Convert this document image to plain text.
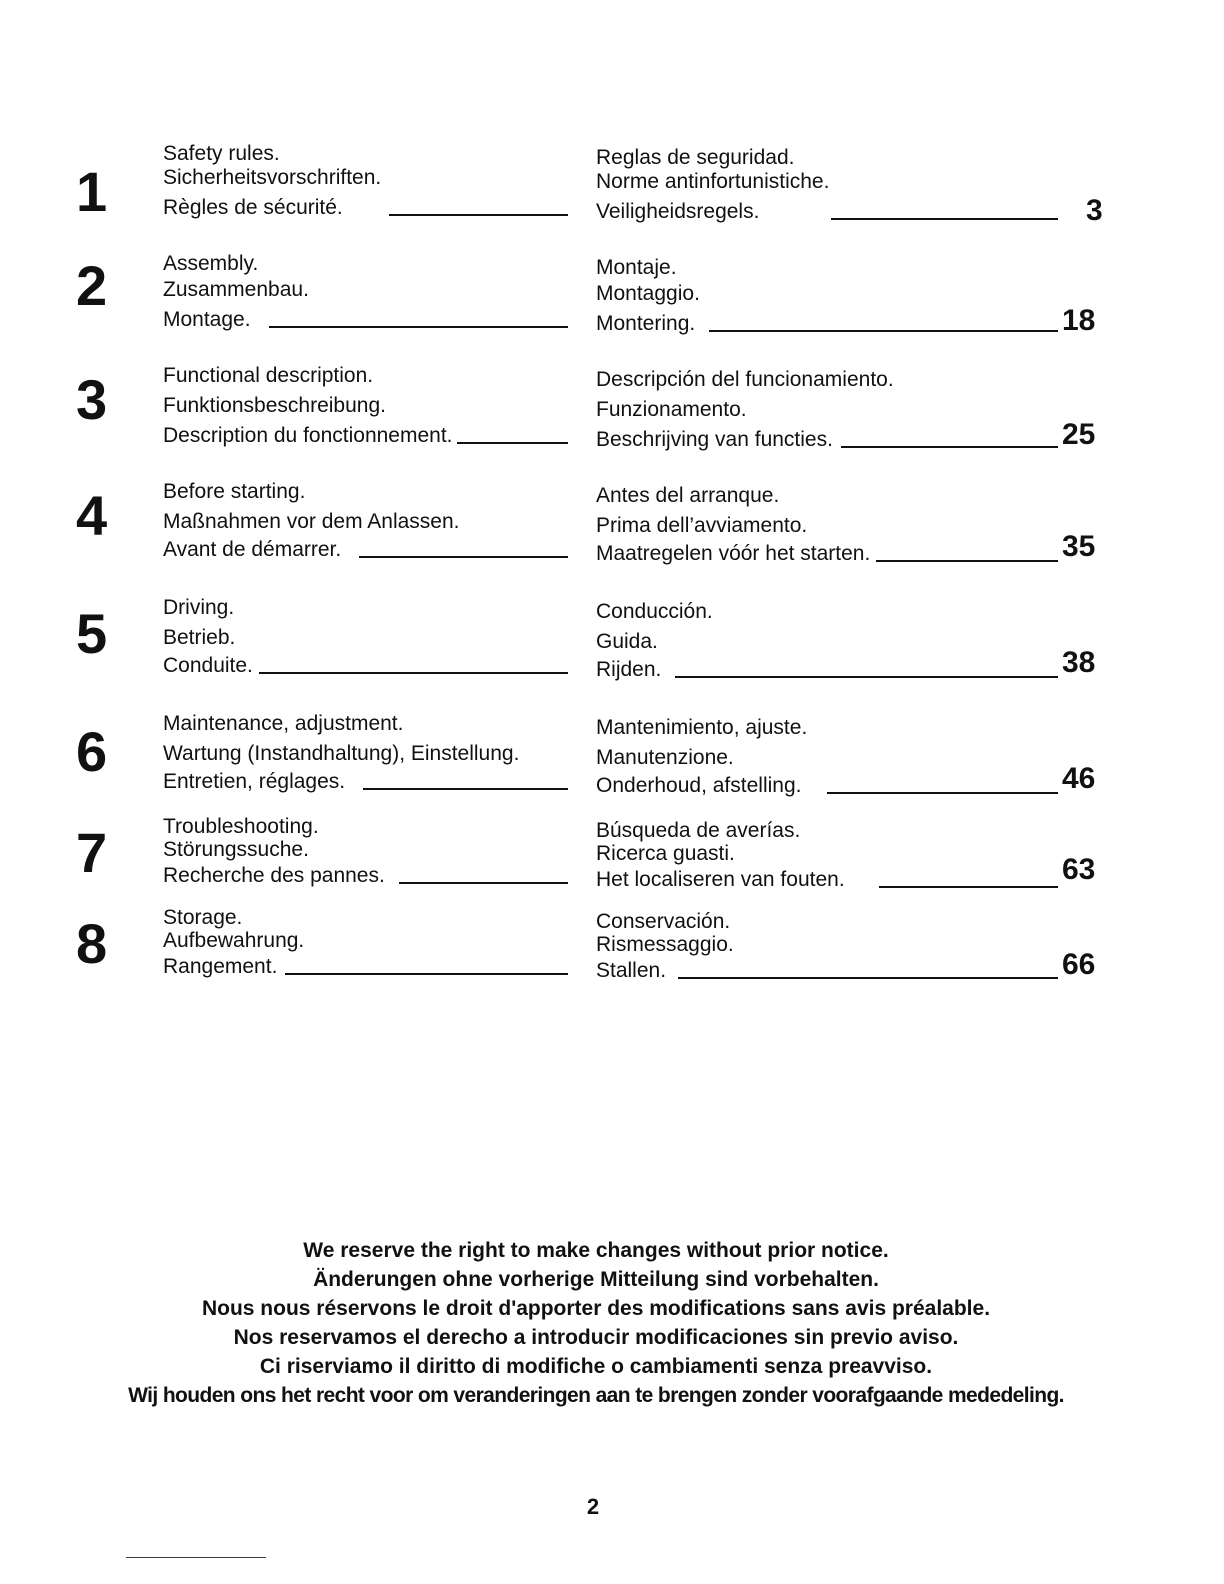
1
Safety rules.
Sicherheitsvorschriften.
Règles de sécurité.
Reglas de seguridad.
Norme antinfortunistiche.
Veiligheidsregels.	3
2	Assembly.
Zusammenbau.
Montage.
Montaje.
Montaggio.
Montering.	18
3	Functional description.
Funktionsbeschreibung.
Description du fonctionnement.
Descripción del funcionamiento.
Funzionamento.
Beschrijving van functies.	25
4	Before starting.
Maßnahmen vor dem Anlassen.
Avant de démarrer.
Antes del arranque.
Prima dell’avviamento.
Maatregelen vóór het starten.	35
5	Driving.
Betrieb.
Conduite.
Conducción.
Guida.
Rijden.	38
6	Maintenance, adjustment.
Wartung (Instandhaltung), Einstellung.
Entretien, réglages.
Mantenimiento, ajuste.
Manutenzione.
Onderhoud, afstelling.	46
7	Troubleshooting.
Störungssuche.
Recherche des pannes.
Búsqueda de averías.
Ricerca guasti.
Het localiseren van fouten.	63
8	Storage.
Aufbewahrung.
Rangement.
Conservación.
Rismessaggio.
Stallen.	66
We reserve the right to make changes without prior notice.
Änderungen ohne vorherige Mitteilung sind vorbehalten.
Nous nous réservons le droit d'apporter des modifications sans avis préalable.
Nos reservamos el derecho a introducir modificaciones sin previo aviso.
Ci riserviamo il diritto di modifiche o cambiamenti senza preavviso.
Wij houden ons het recht voor om veranderingen aan te brengen zonder voorafgaande mededeling.
2
